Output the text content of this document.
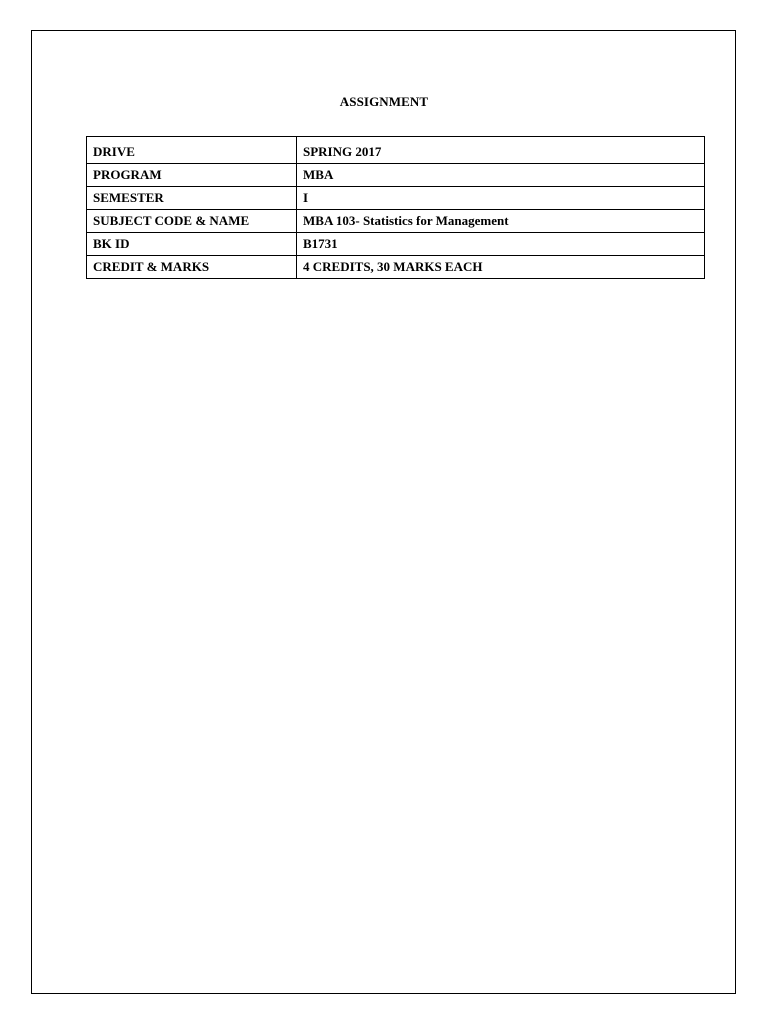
ASSIGNMENT
DRIVE	SPRING 2017
PROGRAM	MBA
SEMESTER	I
SUBJECT CODE & NAME	MBA 103- Statistics for Management
BK ID	B1731
CREDIT & MARKS	4 CREDITS, 30 MARKS EACH
